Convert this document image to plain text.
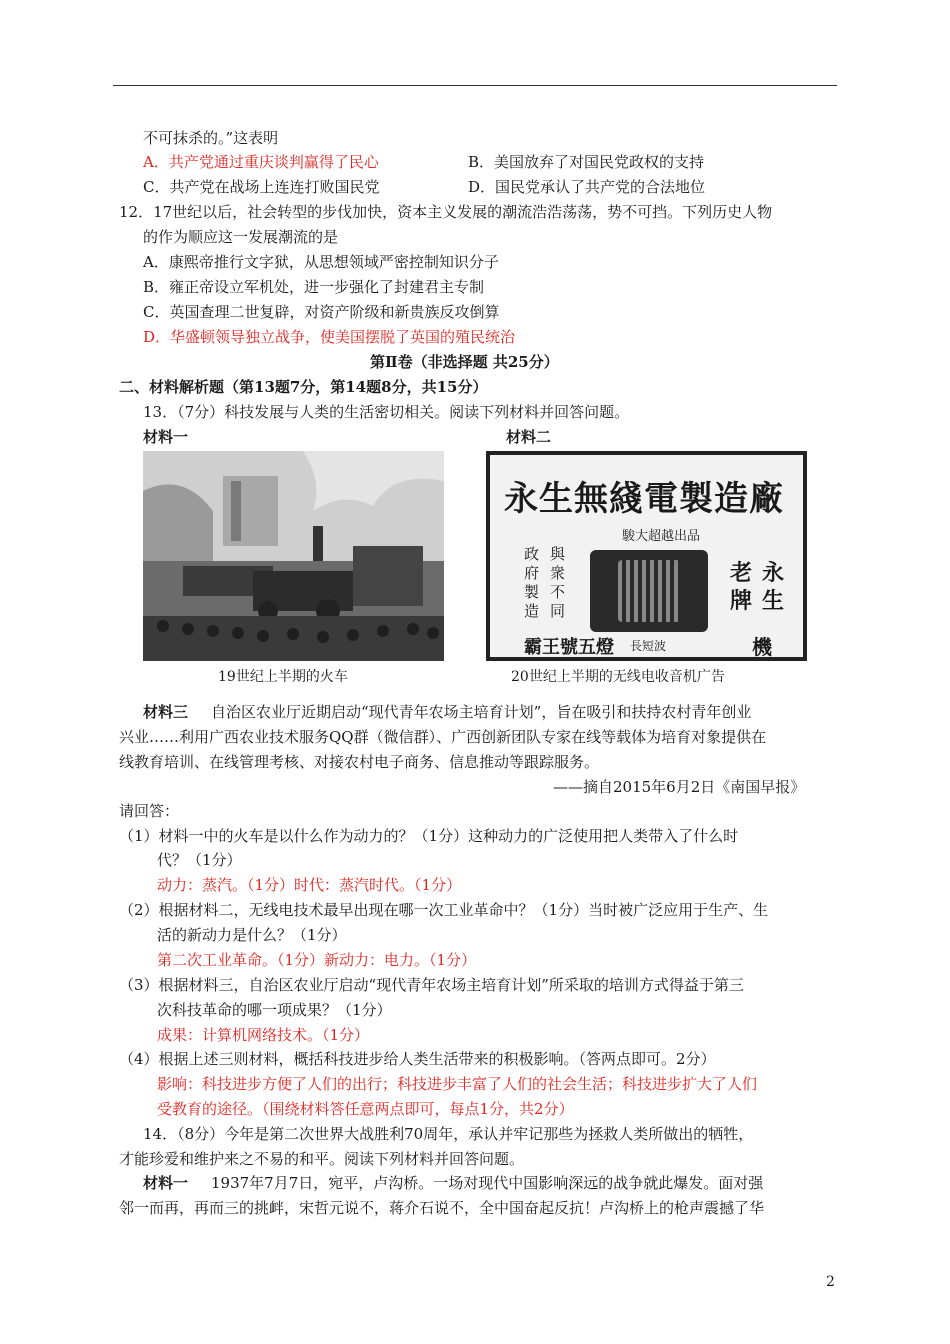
不可抹杀的。”这表明
A．共产党通过重庆谈判赢得了民心	B．美国放弃了对国民党政权的支持
C．共产党在战场上连连打败国民党	D．国民党承认了共产党的合法地位
12．17世纪以后，社会转型的步伐加快，资本主义发展的潮流浩浩荡荡，势不可挡。下列历史人物
的作为顺应这一发展潮流的是
A．康熙帝推行文字狱，从思想领域严密控制知识分子
B．雍正帝设立军机处，进一步强化了封建君主专制
C．英国查理二世复辟，对资产阶级和新贵族反攻倒算
D．华盛顿领导独立战争，使美国摆脱了英国的殖民统治
第Ⅱ卷（非选择题 共25分）
二、材料解析题（第13题7分，第14题8分，共15分）
13．（7分）科技发展与人类的生活密切相关。阅读下列材料并回答问题。
材料一	材料二
19世纪上半期的火车
永生無綫電製造廠
駿大超越出品
與衆不同
政府製造
老牌
永生
霸王號五燈 長短波	機
20世纪上半期的无线电收音机广告
材料三 自治区农业厅近期启动“现代青年农场主培育计划”，旨在吸引和扶持农村青年创业
兴业……利用广西农业技术服务QQ群（微信群）、广西创新团队专家在线等载体为培育对象提供在
线教育培训、在线管理考核、对接农村电子商务、信息推动等跟踪服务。
——摘自2015年6月2日《南国早报》
请回答：
（1）材料一中的火车是以什么作为动力的？（1分）这种动力的广泛使用把人类带入了什么时
代？（1分）
动力：蒸汽。（1分）时代：蒸汽时代。（1分）
（2）根据材料二，无线电技术最早出现在哪一次工业革命中？（1分）当时被广泛应用于生产、生
活的新动力是什么？（1分）
第二次工业革命。（1分）新动力：电力。（1分）
（3）根据材料三，自治区农业厅启动“现代青年农场主培育计划”所采取的培训方式得益于第三
次科技革命的哪一项成果？（1分）
成果：计算机网络技术。（1分）
（4）根据上述三则材料，概括科技进步给人类生活带来的积极影响。（答两点即可。2分）
影响：科技进步方便了人们的出行；科技进步丰富了人们的社会生活；科技进步扩大了人们
受教育的途径。（围绕材料答任意两点即可，每点1分，共2分）
14．（8分）今年是第二次世界大战胜利70周年，承认并牢记那些为拯救人类所做出的牺牲，
才能珍爱和维护来之不易的和平。阅读下列材料并回答问题。
材料一 1937年7月7日，宛平，卢沟桥。一场对现代中国影响深远的战争就此爆发。面对强
邻一而再，再而三的挑衅，宋哲元说不，蒋介石说不，全中国奋起反抗！卢沟桥上的枪声震撼了华
2
